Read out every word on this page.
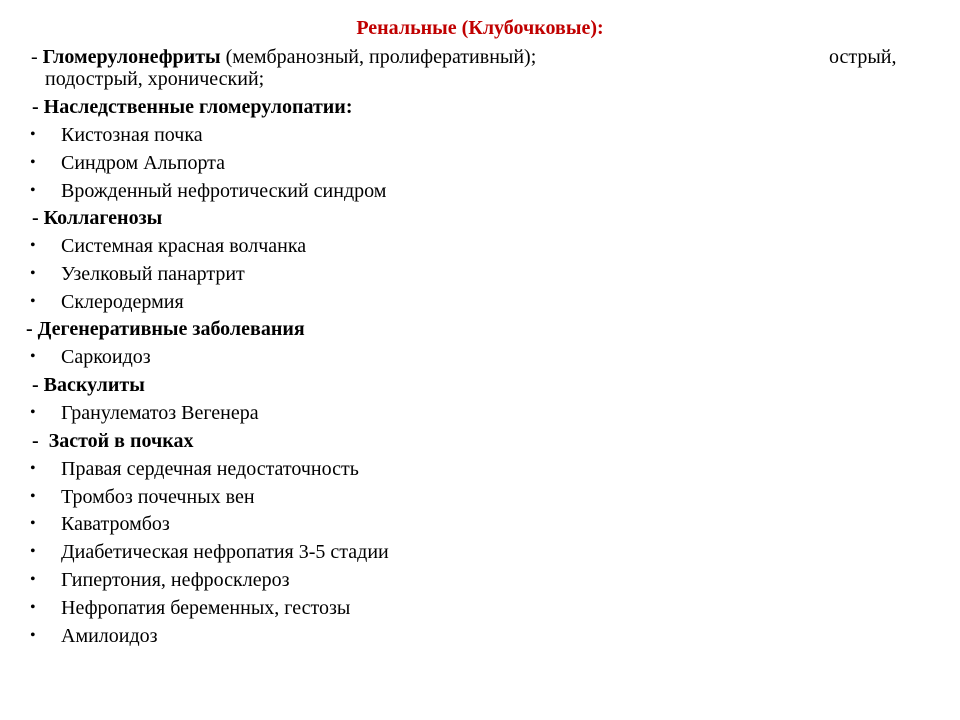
Ренальные (Клубочковые):
- Гломерулонефриты (мембранозный, пролиферативный);	острый,
подострый, хронический;
- Наследственные гломерулопатии:
• Кистозная почка
• Синдром Альпорта
• Врожденный нефротический синдром
- Коллагенозы
• Системная красная волчанка
• Узелковый панартрит
• Склеродермия
- Дегенеративные заболевания
• Саркоидоз
- Васкулиты
• Гранулематоз Вегенера
-  Застой в почках
• Правая сердечная недостаточность
• Тромбоз почечных вен
• Каватромбоз
• Диабетическая нефропатия 3-5 стадии
• Гипертония, нефросклероз
• Нефропатия беременных, гестозы
• Амилоидоз
